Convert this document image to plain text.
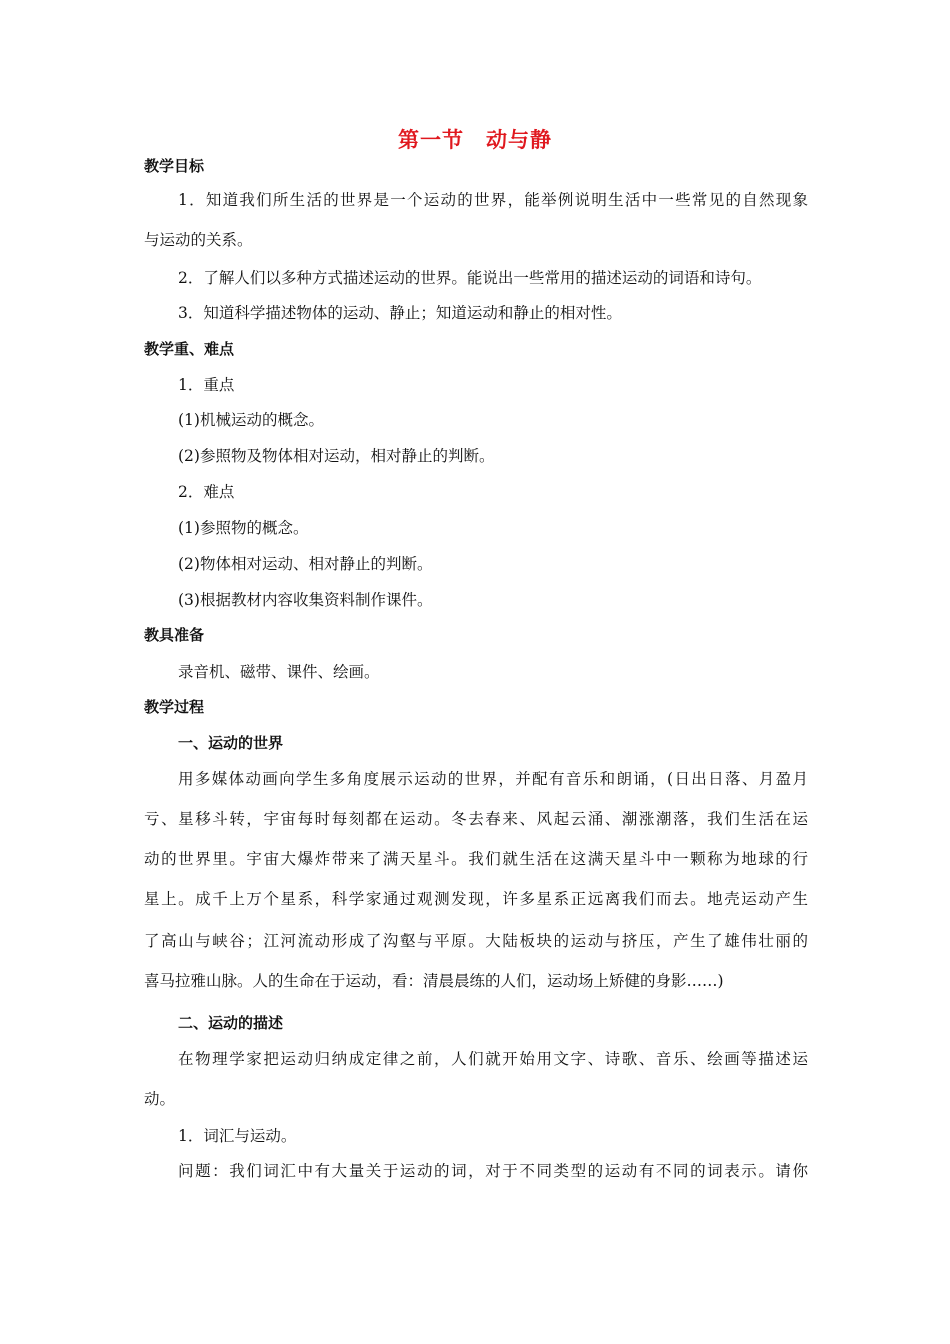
第一节　动与静
教学目标
1．知道我们所生活的世界是一个运动的世界，能举例说明生活中一些常见的自然现象
与运动的关系。
2．了解人们以多种方式描述运动的世界。能说出一些常用的描述运动的词语和诗句。
3．知道科学描述物体的运动、静止；知道运动和静止的相对性。
教学重、难点
1．重点
(1)机械运动的概念。
(2)参照物及物体相对运动，相对静止的判断。
2．难点
(1)参照物的概念。
(2)物体相对运动、相对静止的判断。
(3)根据教材内容收集资料制作课件。
教具准备
录音机、磁带、课件、绘画。
教学过程
一、运动的世界
用多媒体动画向学生多角度展示运动的世界，并配有音乐和朗诵，(日出日落、月盈月
亏、星移斗转，宇宙每时每刻都在运动。冬去春来、风起云涌、潮涨潮落，我们生活在运
动的世界里。宇宙大爆炸带来了满天星斗。我们就生活在这满天星斗中一颗称为地球的行
星上。成千上万个星系，科学家通过观测发现，许多星系正远离我们而去。地壳运动产生
了高山与峡谷；江河流动形成了沟壑与平原。大陆板块的运动与挤压，产生了雄伟壮丽的
喜马拉雅山脉。人的生命在于运动，看：清晨晨练的人们，运动场上矫健的身影……)
二、运动的描述
在物理学家把运动归纳成定律之前，人们就开始用文字、诗歌、音乐、绘画等描述运
动。
1．词汇与运动。
问题：我们词汇中有大量关于运动的词，对于不同类型的运动有不同的词表示。请你
